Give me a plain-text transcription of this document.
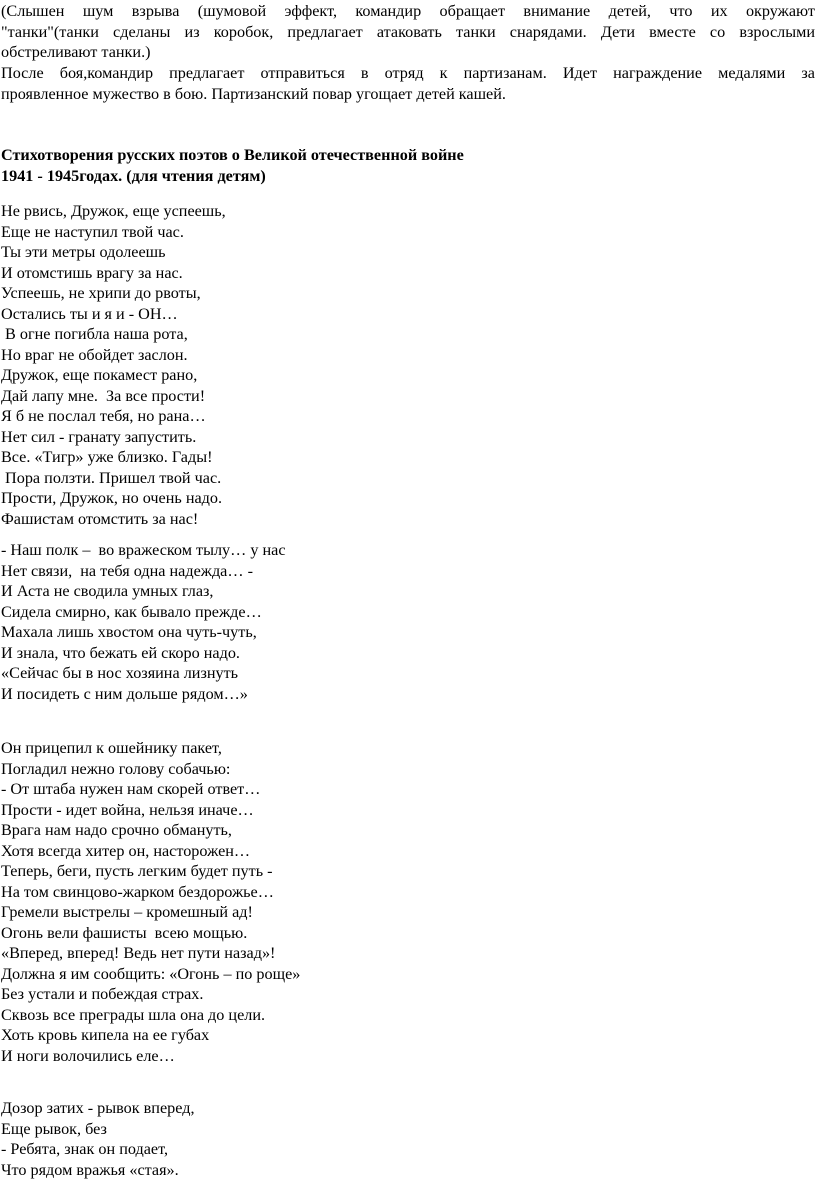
(Слышен шум взрыва (шумовой эффект, командир обращает внимание детей, что их окружают
"танки"(танки сделаны из коробок, предлагает атаковать танки снарядами. Дети вместе со взрослыми
обстреливают танки.)
После боя,командир предлагает отправиться в отряд к партизанам. Идет награждение медалями за
проявленное мужество в бою. Партизанский повар угощает детей кашей.
Стихотворения русских поэтов о Великой отечественной войне
1941 - 1945годах. (для чтения детям)
Не рвись, Дружок, еще успеешь,
Еще не наступил твой час.
Ты эти метры одолеешь
И отомстишь врагу за нас.
Успеешь, не хрипи до рвоты,
Остались ты и я и - ОН…
В огне погибла наша рота,
Но враг не обойдет заслон.
Дружок, еще покамест рано,
Дай лапу мне.  За все прости!
Я б не послал тебя, но рана…
Нет сил - гранату запустить.
Все. «Тигр» уже близко. Гады!
Пора ползти. Пришел твой час.
Прости, Дружок, но очень надо.
Фашистам отомстить за нас!
- Наш полк –  во вражеском тылу… у нас
Нет связи,  на тебя одна надежда… -
И Аста не сводила умных глаз,
Сидела смирно, как бывало прежде…
Махала лишь хвостом она чуть-чуть,
И знала, что бежать ей скоро надо.
«Сейчас бы в нос хозяина лизнуть
И посидеть с ним дольше рядом…»
Он прицепил к ошейнику пакет,
Погладил нежно голову собачью:
- От штаба нужен нам скорей ответ…
Прости - идет война, нельзя иначе…
Врага нам надо срочно обмануть,
Хотя всегда хитер он, насторожен…
Теперь, беги, пусть легким будет путь -
На том свинцово-жарком бездорожье…
Гремели выстрелы – кромешный ад!
Огонь вели фашисты  всею мощью.
«Вперед, вперед! Ведь нет пути назад»!
Должна я им сообщить: «Огонь – по роще»
Без устали и побеждая страх.
Сквозь все преграды шла она до цели.
Хоть кровь кипела на ее губах
И ноги волочились еле…
Дозор затих - рывок вперед,
Еще рывок, без
- Ребята, знак он подает,
Что рядом вражья «стая».
